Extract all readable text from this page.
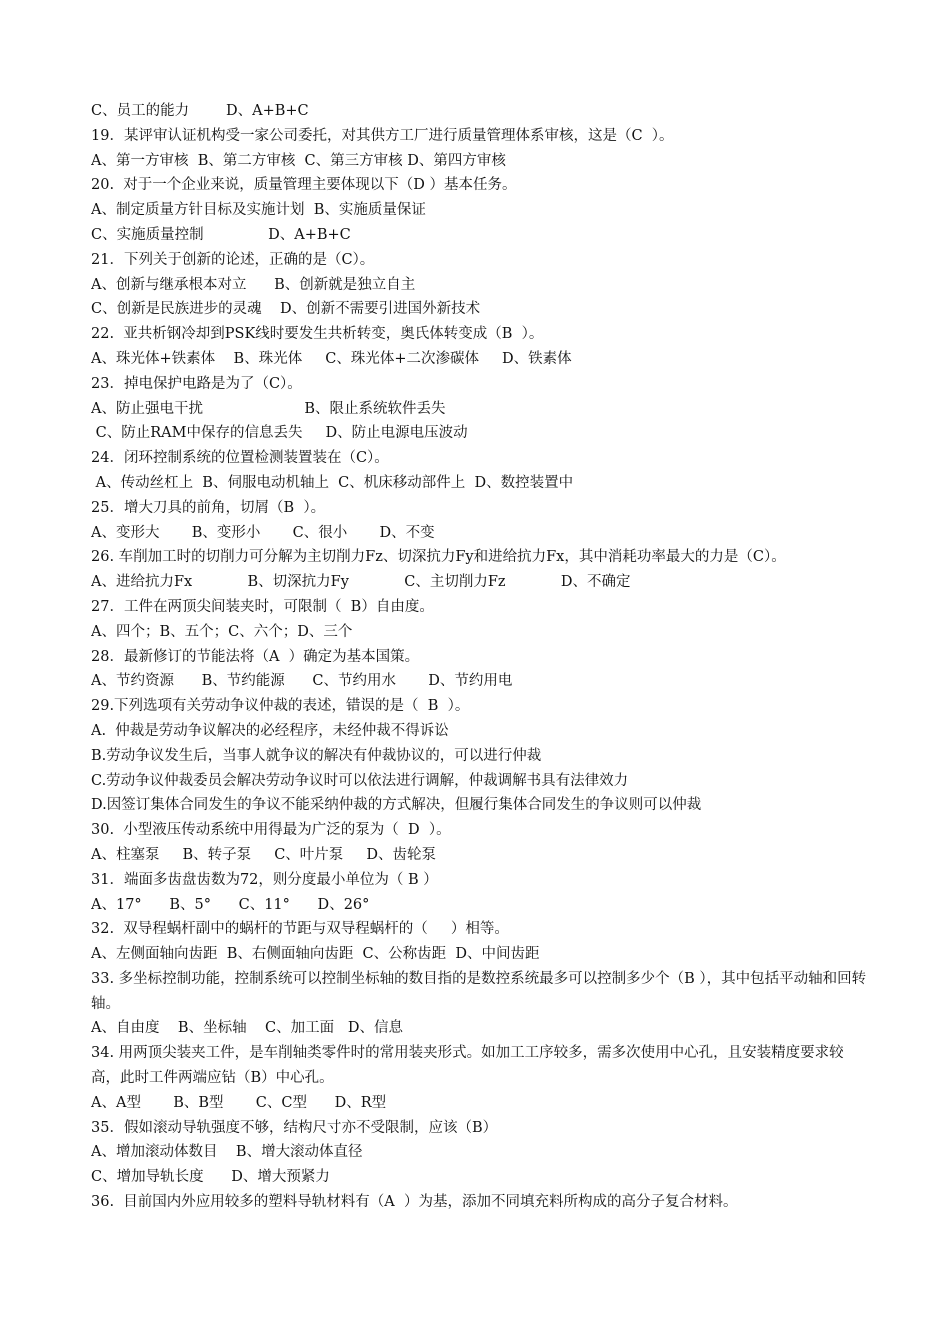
C、员工的能力        D、A+B+C
19．某评审认证机构受一家公司委托，对其供方工厂进行质量管理体系审核，这是（C  ）。
A、第一方审核  B、第二方审核  C、第三方审核 D、第四方审核
20.  对于一个企业来说，质量管理主要体现以下（D ）基本任务。
A、制定质量方针目标及实施计划  B、实施质量保证
C、实施质量控制              D、A+B+C
21．下列关于创新的论述，正确的是（C）。
A、创新与继承根本对立      B、创新就是独立自主
C、创新是民族进步的灵魂    D、创新不需要引进国外新技术
22.  亚共析钢冷却到PSK线时要发生共析转变，奥氏体转变成（B  ）。
A、珠光体+铁素体    B、珠光体     C、珠光体+二次渗碳体     D、铁素体
23．掉电保护电路是为了（C）。
A、防止强电干扰                      B、限止系统软件丢失
C、防止RAM中保存的信息丢失     D、防止电源电压波动
24．闭环控制系统的位置检测装置装在（C）。
A、传动丝杠上  B、伺服电动机轴上  C、机床移动部件上  D、数控装置中
25．增大刀具的前角，切屑（B  ）。
A、变形大       B、变形小       C、很小       D、不变
26. 车削加工时的切削力可分解为主切削力Fz、切深抗力Fy和进给抗力Fx，其中消耗功率最大的力是（C）。
A、进给抗力Fx            B、切深抗力Fy            C、主切削力Fz            D、不确定
27．工件在两顶尖间装夹时，可限制（  B）自由度。
A、四个；B、五个；C、六个；D、三个
28．最新修订的节能法将（A  ）确定为基本国策。
A、节约资源      B、节约能源      C、节约用水       D、节约用电
29.下列选项有关劳动争议仲裁的表述，错误的是（  B  ）。
A.  仲裁是劳动争议解决的必经程序，未经仲裁不得诉讼
B.劳动争议发生后，当事人就争议的解决有仲裁协议的，可以进行仲裁
C.劳动争议仲裁委员会解决劳动争议时可以依法进行调解，仲裁调解书具有法律效力
D.因签订集体合同发生的争议不能采纳仲裁的方式解决，但履行集体合同发生的争议则可以仲裁
30.  小型液压传动系统中用得最为广泛的泵为（  D  ）。
A、柱塞泵     B、转子泵     C、叶片泵     D、齿轮泵
31．端面多齿盘齿数为72，则分度最小单位为（ B ）
A、17°      B、5°      C、11°      D、26°
32.  双导程蜗杆副中的蜗杆的节距与双导程蜗杆的（     ）相等。
A、左侧面轴向齿距  B、右侧面轴向齿距  C、公称齿距  D、中间齿距
33. 多坐标控制功能，控制系统可以控制坐标轴的数目指的是数控系统最多可以控制多少个（B ），其中包括平动轴和回转轴。
A、自由度    B、坐标轴    C、加工面   D、信息
34. 用两顶尖装夹工件，是车削轴类零件时的常用装夹形式。如加工工序较多，需多次使用中心孔，且安装精度要求较高，此时工件两端应钻（B）中心孔。
A、A型       B、B型       C、C型      D、R型
35．假如滚动导轨强度不够，结构尺寸亦不受限制，应该（B）
A、增加滚动体数目    B、增大滚动体直径
C、增加导轨长度      D、增大预紧力
36.  目前国内外应用较多的塑料导轨材料有（A  ）为基，添加不同填充料所构成的高分子复合材料。
